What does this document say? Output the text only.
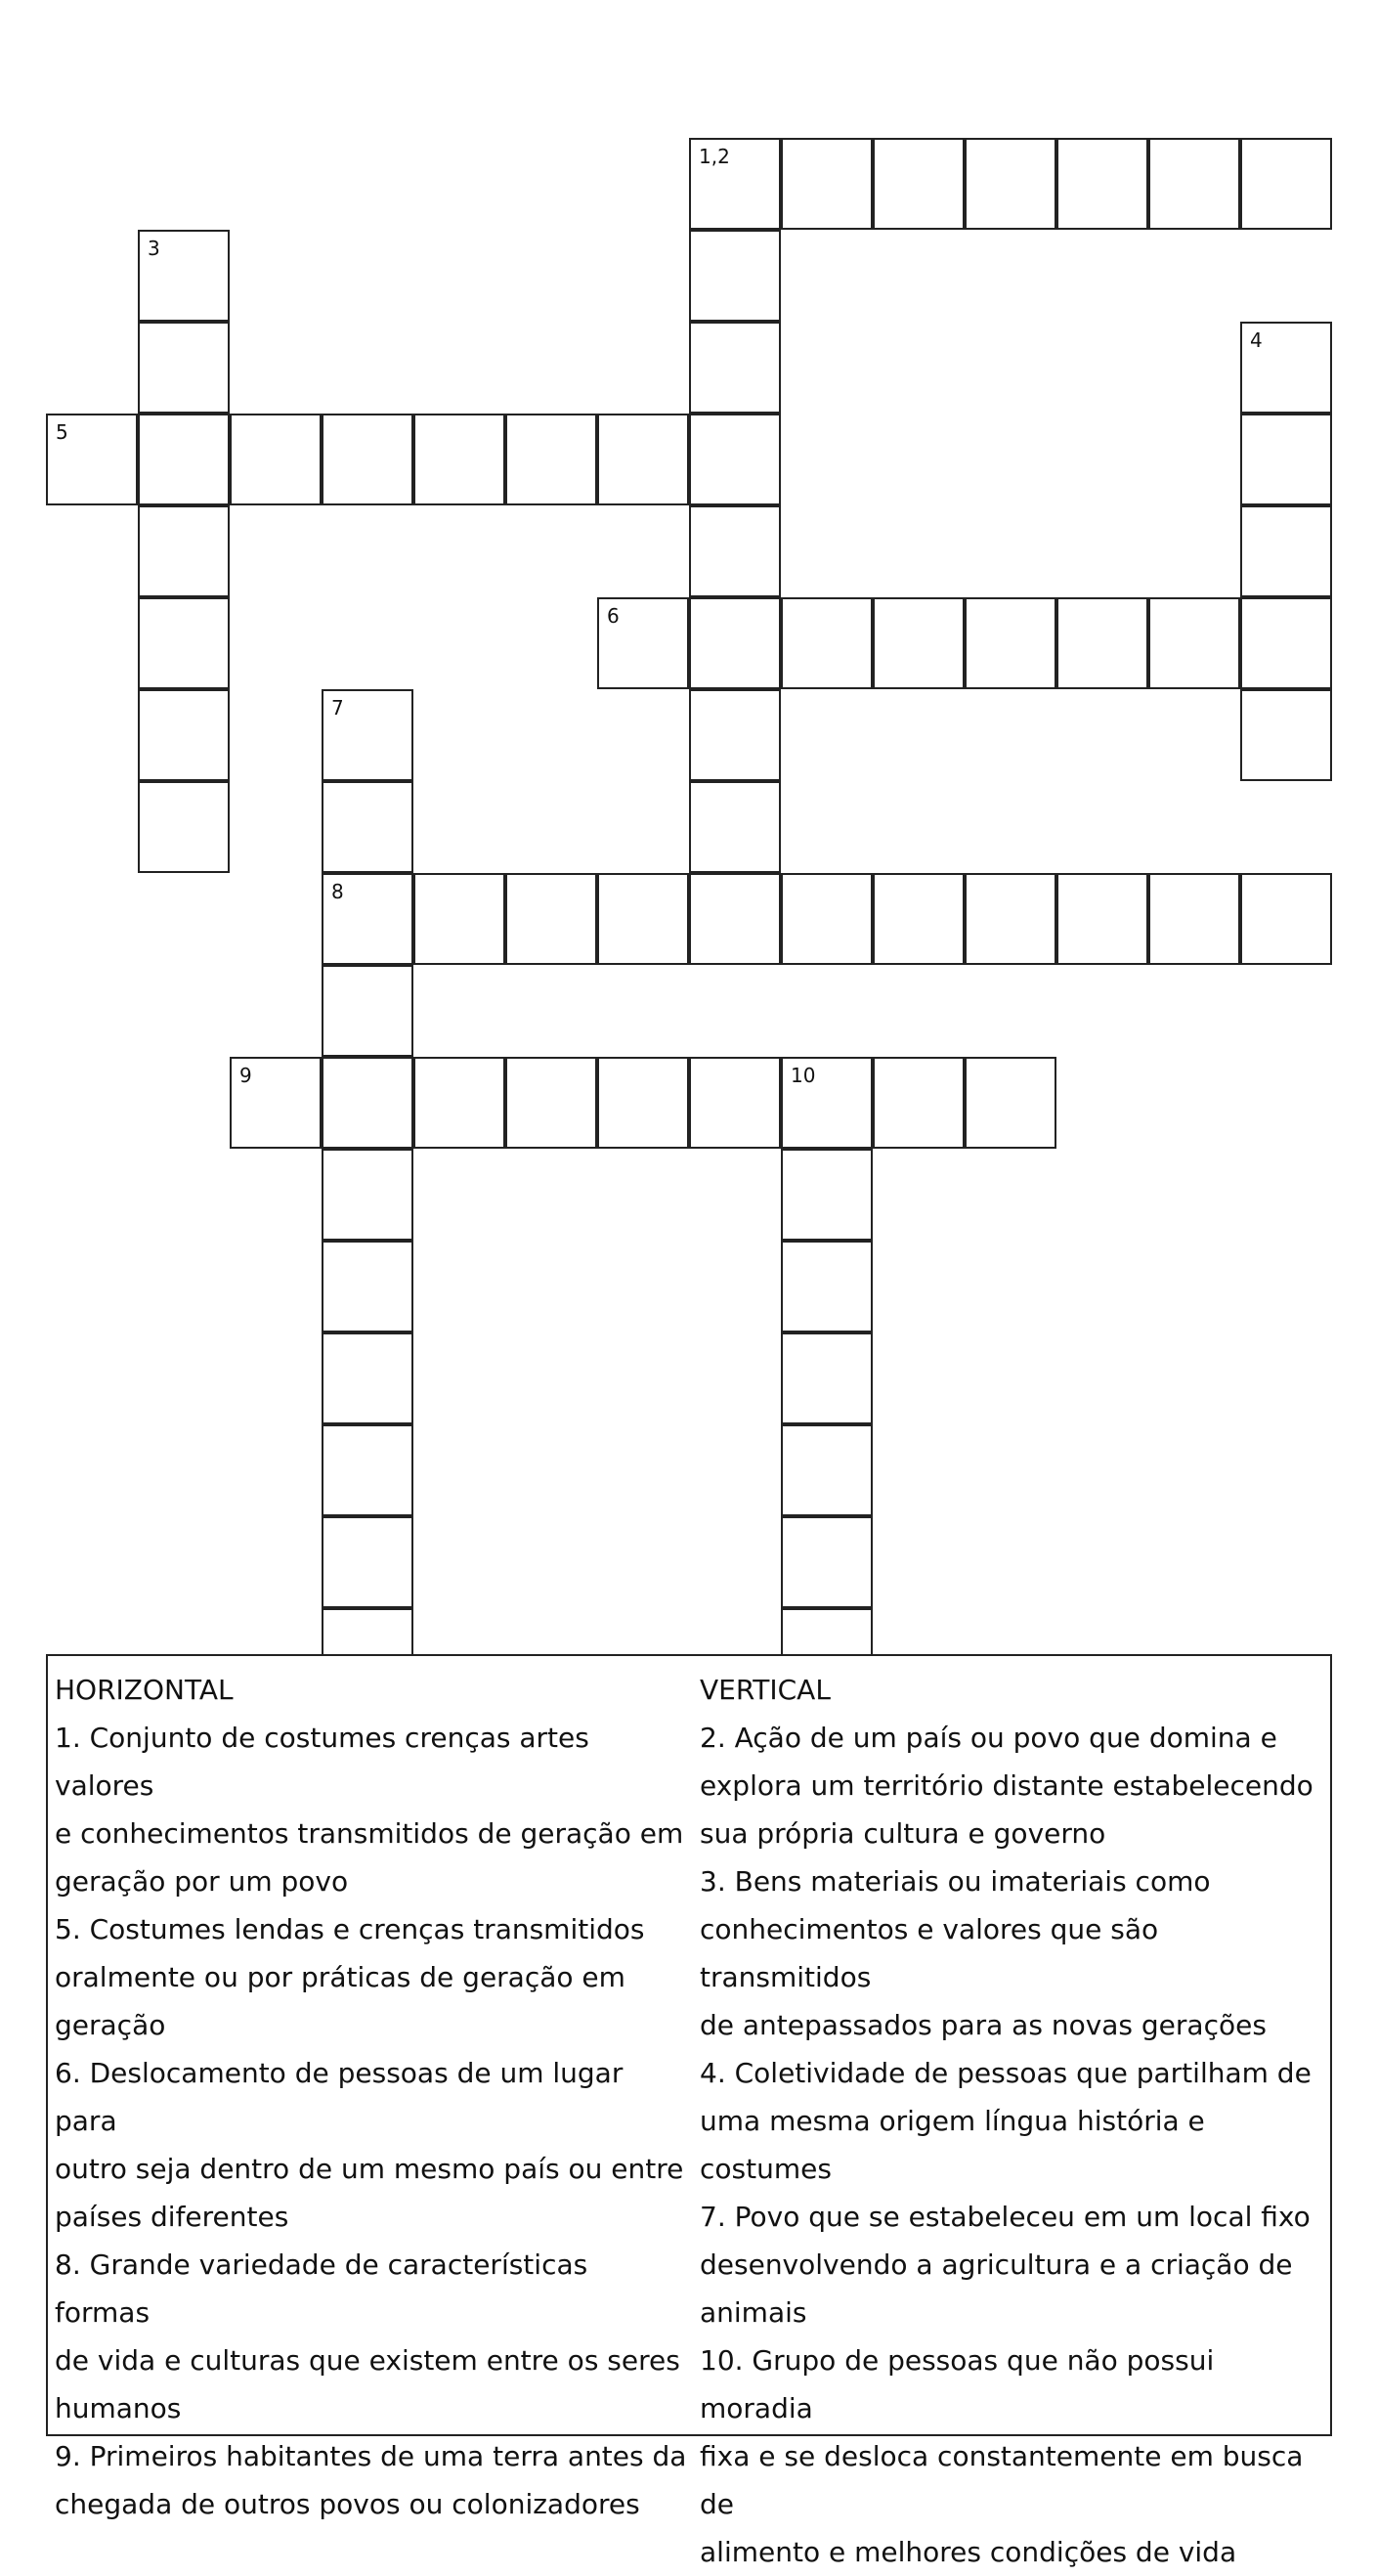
1,2
3
4
5
6
7
8
9	10
HORIZONTAL
1. Conjunto de costumes crenças artes valores
e conhecimentos transmitidos de geração em
geração por um povo
5. Costumes lendas e crenças transmitidos
oralmente ou por práticas de geração em
geração
6. Deslocamento de pessoas de um lugar para
outro seja dentro de um mesmo país ou entre
países diferentes
8. Grande variedade de características formas
de vida e culturas que existem entre os seres
humanos
9. Primeiros habitantes de uma terra antes da
chegada de outros povos ou colonizadores
VERTICAL
2. Ação de um país ou povo que domina e
explora um território distante estabelecendo
sua própria cultura e governo
3. Bens materiais ou imateriais como
conhecimentos e valores que são transmitidos
de antepassados para as novas gerações
4. Coletividade de pessoas que partilham de
uma mesma origem língua história e costumes
7. Povo que se estabeleceu em um local fixo
desenvolvendo a agricultura e a criação de
animais
10. Grupo de pessoas que não possui moradia
fixa e se desloca constantemente em busca de
alimento e melhores condições de vida
